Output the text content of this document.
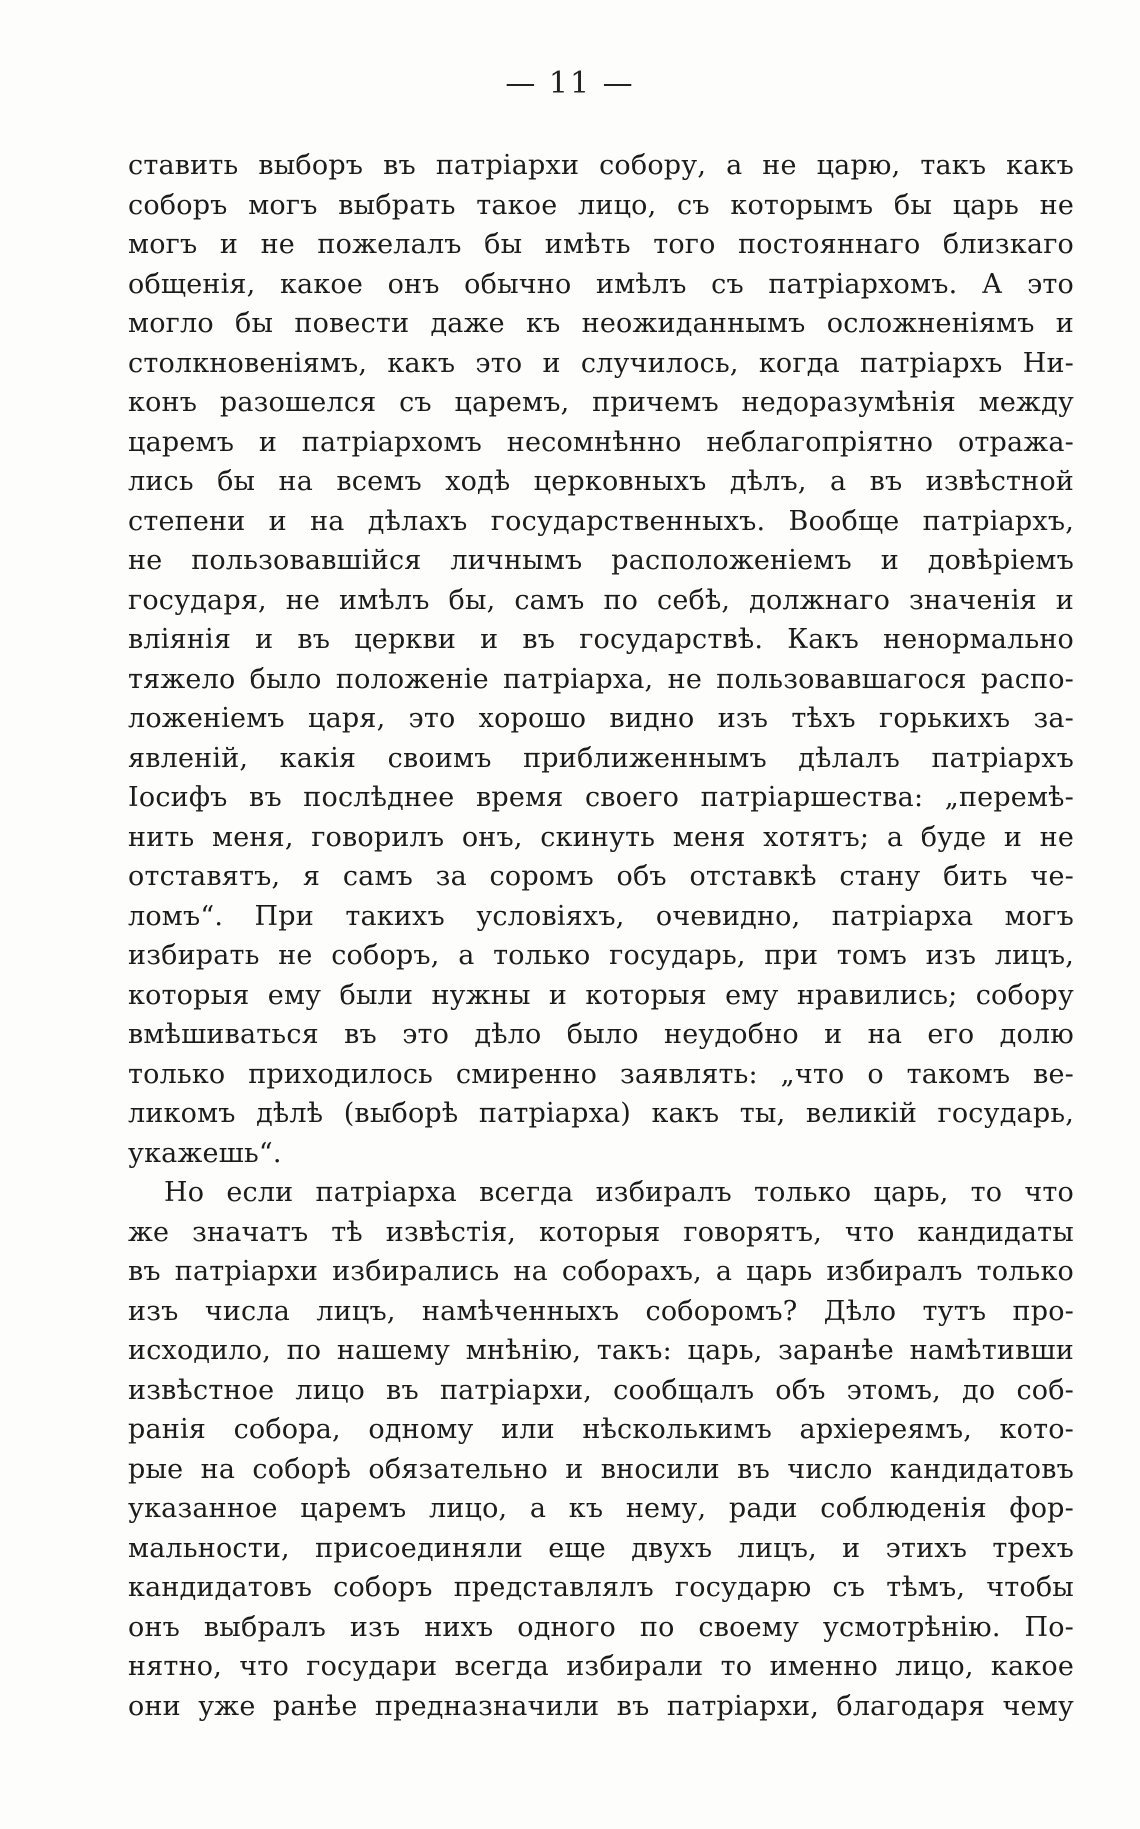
— 11 —
ставить выборъ въ патріархи собору, а не царю, такъ какъ
соборъ могъ выбрать такое лицо, съ которымъ бы царь не
могъ и не пожелалъ бы имѣть того постояннаго близкаго
общенія, какое онъ обычно имѣлъ съ патріархомъ. А это
могло бы повести даже къ неожиданнымъ осложненіямъ и
столкновеніямъ, какъ это и случилось, когда патріархъ Ни-
конъ разошелся съ царемъ, причемъ недоразумѣнія между
царемъ и патріархомъ несомнѣнно неблагопріятно отража-
лись бы на всемъ ходѣ церковныхъ дѣлъ, а въ извѣстной
степени и на дѣлахъ государственныхъ. Вообще патріархъ,
не пользовавшійся личнымъ расположеніемъ и довѣріемъ
государя, не имѣлъ бы, самъ по себѣ, должнаго значенія и
вліянія и въ церкви и въ государствѣ. Какъ ненормально
тяжело было положеніе патріарха, не пользовавшагося распо-
ложеніемъ царя, это хорошо видно изъ тѣхъ горькихъ за-
явленій, какія своимъ приближеннымъ дѣлалъ патріархъ
Іосифъ въ послѣднее время своего патріаршества: „перемѣ-
нить меня, говорилъ онъ, скинуть меня хотятъ; а буде и не
отставятъ, я самъ за соромъ объ отставкѣ стану бить че-
ломъ“. При такихъ условіяхъ, очевидно, патріарха могъ
избирать не соборъ, а только государь, при томъ изъ лицъ,
которыя ему были нужны и которыя ему нравились; собору
вмѣшиваться въ это дѣло было неудобно и на его долю
только приходилось смиренно заявлять: „что о такомъ ве-
ликомъ дѣлѣ (выборѣ патріарха) какъ ты, великій государь,
укажешь“.
Но если патріарха всегда избиралъ только царь, то что
же значатъ тѣ извѣстія, которыя говорятъ, что кандидаты
въ патріархи избирались на соборахъ, а царь избиралъ только
изъ числа лицъ, намѣченныхъ соборомъ? Дѣло тутъ про-
исходило, по нашему мнѣнію, такъ: царь, заранѣе намѣтивши
извѣстное лицо въ патріархи, сообщалъ объ этомъ, до соб-
ранія собора, одному или нѣсколькимъ архіереямъ, кото-
рые на соборѣ обязательно и вносили въ число кандидатовъ
указанное царемъ лицо, а къ нему, ради соблюденія фор-
мальности, присоединяли еще двухъ лицъ, и этихъ трехъ
кандидатовъ соборъ представлялъ государю съ тѣмъ, чтобы
онъ выбралъ изъ нихъ одного по своему усмотрѣнію. По-
нятно, что государи всегда избирали то именно лицо, какое
они уже ранѣе предназначили въ патріархи, благодаря чему
